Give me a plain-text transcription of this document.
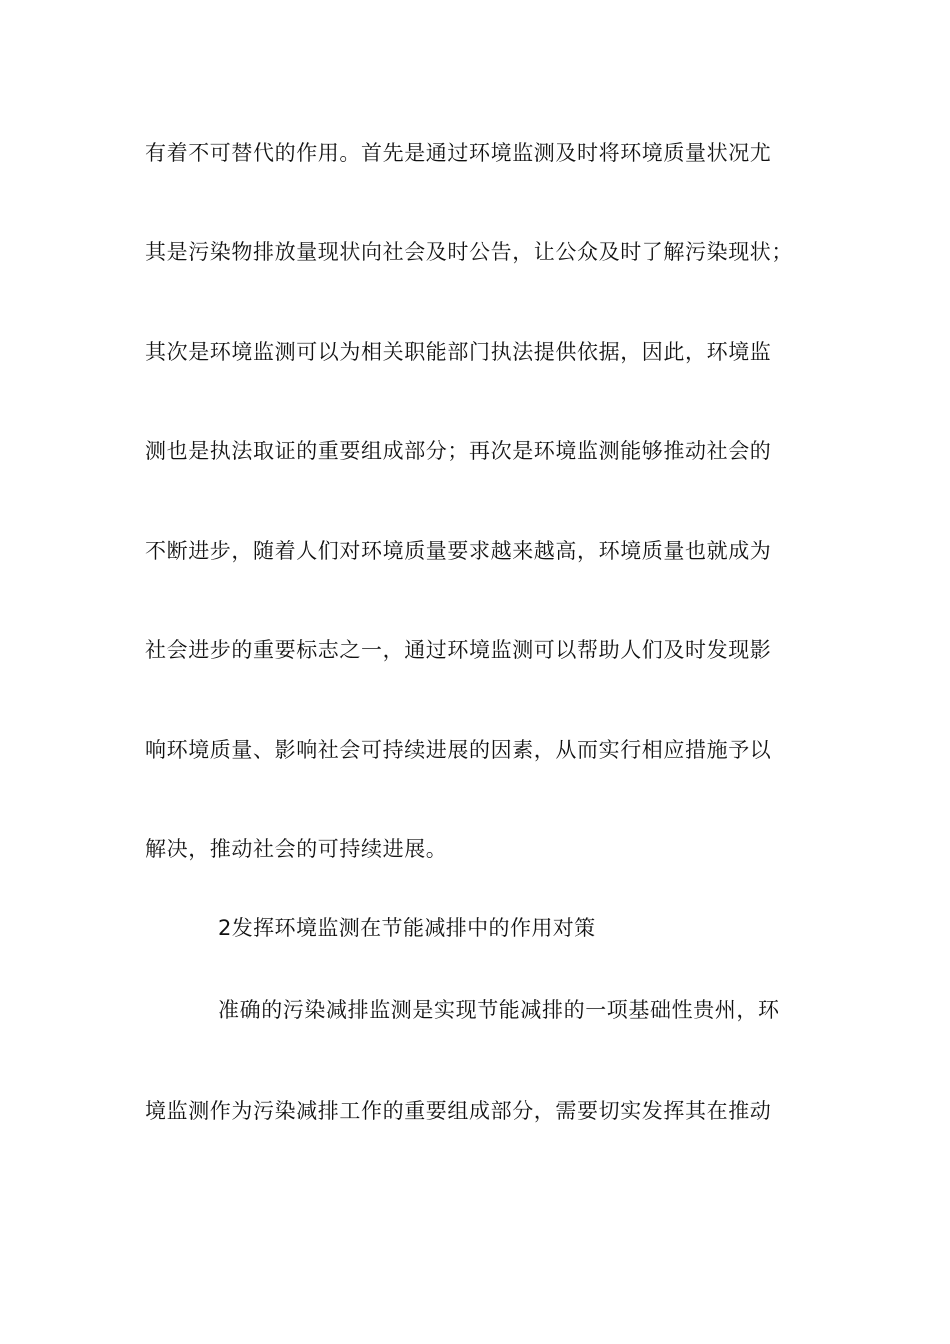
有着不可替代的作用。首先是通过环境监测及时将环境质量状况尤
其是污染物排放量现状向社会及时公告，让公众及时了解污染现状；
其次是环境监测可以为相关职能部门执法提供依据，因此，环境监
测也是执法取证的重要组成部分；再次是环境监测能够推动社会的
不断进步，随着人们对环境质量要求越来越高，环境质量也就成为
社会进步的重要标志之一，通过环境监测可以帮助人们及时发现影
响环境质量、影响社会可持续进展的因素，从而实行相应措施予以
解决，推动社会的可持续进展。
2发挥环境监测在节能减排中的作用对策
准确的污染减排监测是实现节能减排的一项基础性贵州，环
境监测作为污染减排工作的重要组成部分，需要切实发挥其在推动
